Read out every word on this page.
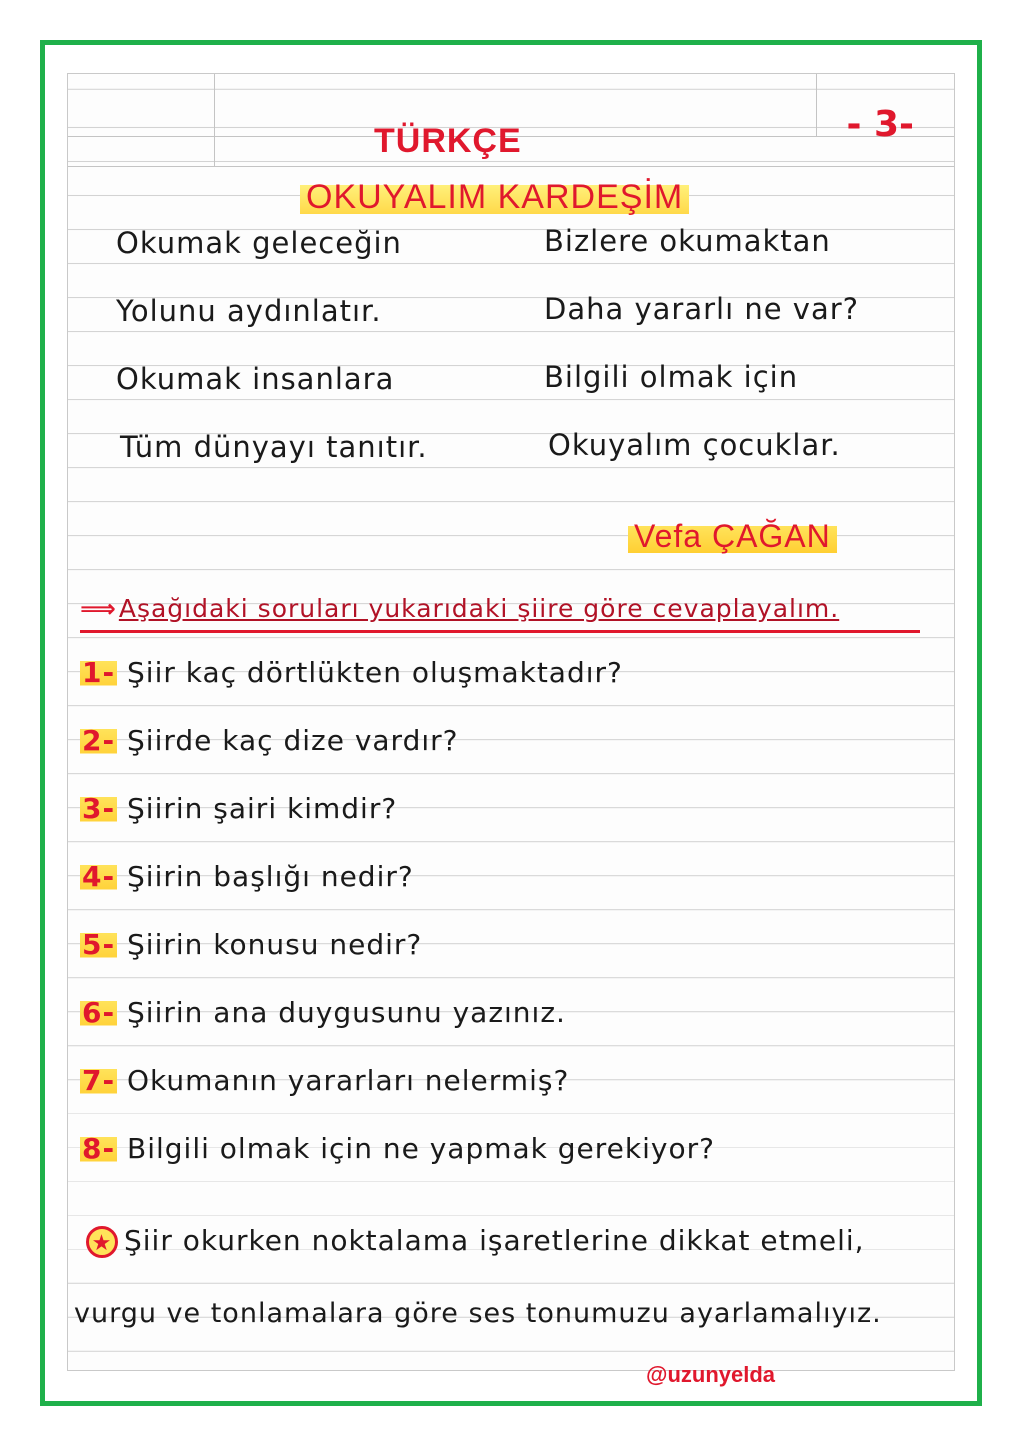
- 3-
TÜRKÇE
OKUYALIM KARDEŞİM
Okumak geleceğin
Yolunu aydınlatır.
Okumak insanlara
Tüm dünyayı tanıtır.
Bizlere okumaktan
Daha yararlı ne var?
Bilgili olmak için
Okuyalım çocuklar.
Vefa ÇAĞAN
⟹Aşağıdaki soruları yukarıdaki şiire göre cevaplayalım.
1- Şiir kaç dörtlükten oluşmaktadır?
2- Şiirde kaç dize vardır?
3- Şiirin şairi kimdir?
4- Şiirin başlığı nedir?
5- Şiirin konusu nedir?
6- Şiirin ana duygusunu yazınız.
7- Okumanın yararları nelermiş?
8- Bilgili olmak için ne yapmak gerekiyor?
★ Şiir okurken noktalama işaretlerine dikkat etmeli,
vurgu ve tonlamalara göre ses tonumuzu ayarlamalıyız.
@uzunyelda
